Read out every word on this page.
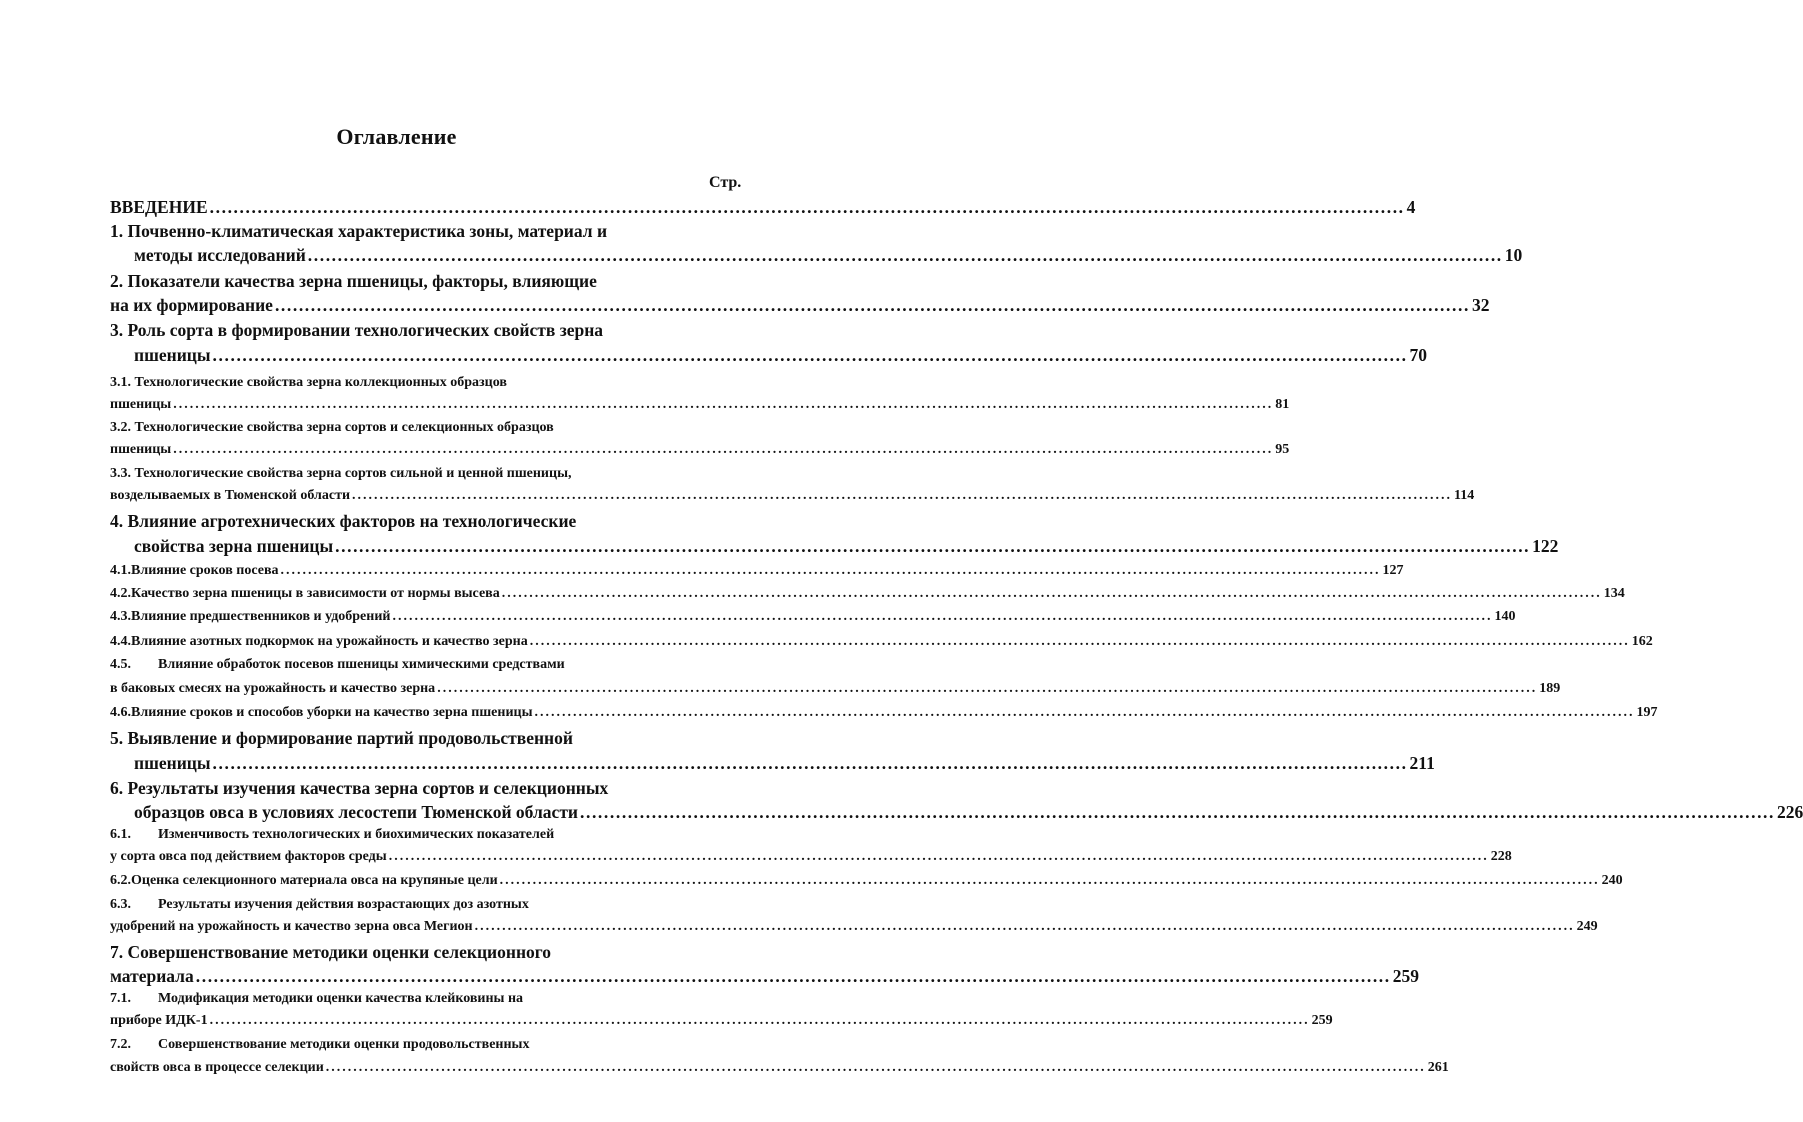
Оглавление
Стр.
ВВЕДЕНИЕ ........................................................................................................................................................................................................ 4
1. Почвенно-климатическая характеристика зоны, материал и
методы исследований ........................................................................................................................................................................................................ 10
2. Показатели качества зерна пшеницы, факторы, влияющие
на их формирование ........................................................................................................................................................................................................ 32
3. Роль сорта в формировании технологических свойств зерна
пшеницы ........................................................................................................................................................................................................ 70
3.1. Технологические свойства зерна коллекционных образцов
пшеницы ........................................................................................................................................................................................................ 81
3.2. Технологические свойства зерна сортов и селекционных образцов
пшеницы ........................................................................................................................................................................................................ 95
3.3. Технологические свойства зерна сортов сильной и ценной пшеницы,
возделываемых в Тюменской области ........................................................................................................................................................................................................ 114
4. Влияние агротехнических факторов на технологические
свойства зерна пшеницы ........................................................................................................................................................................................................ 122
4.1. Влияние сроков посева ........................................................................................................................................................................................................ 127
4.2. Качество зерна пшеницы в зависимости от нормы высева ........................................................................................................................................................................................................ 134
4.3. Влияние предшественников и удобрений ........................................................................................................................................................................................................ 140
4.4. Влияние азотных подкормок на урожайность и качество зерна ........................................................................................................................................................................................................ 162
4.5.	Влияние обработок посевов пшеницы химическими средствами
в баковых смесях на урожайность и качество зерна ........................................................................................................................................................................................................ 189
4.6. Влияние сроков и способов уборки на качество зерна пшеницы ........................................................................................................................................................................................................ 197
5. Выявление и формирование партий продовольственной
пшеницы ........................................................................................................................................................................................................ 211
6. Результаты изучения качества зерна сортов и селекционных
образцов овса в условиях лесостепи Тюменской области ........................................................................................................................................................................................................ 226
6.1.	Изменчивость технологических и биохимических показателей
у сорта овса под действием факторов среды ........................................................................................................................................................................................................ 228
6.2. Оценка селекционного материала овса на крупяные цели ........................................................................................................................................................................................................ 240
6.3.	Результаты изучения действия возрастающих доз азотных
удобрений на урожайность и качество зерна овса Мегион ........................................................................................................................................................................................................ 249
7. Совершенствование методики оценки селекционного
материала ........................................................................................................................................................................................................ 259
7.1.	Модификация методики оценки качества клейковины на
приборе ИДК-1 ........................................................................................................................................................................................................ 259
7.2.	Совершенствование методики оценки продовольственных
свойств овса в процессе селекции ........................................................................................................................................................................................................ 261
